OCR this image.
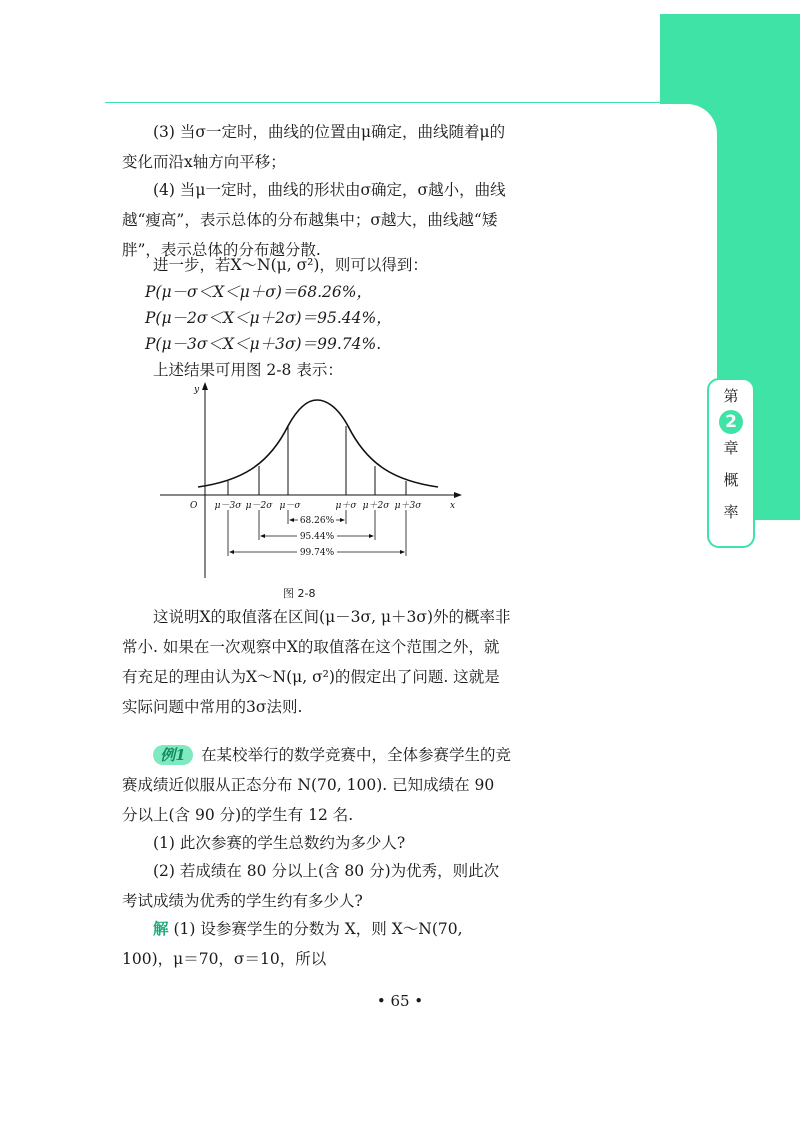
第
2
章
概
率
(3) 当σ一定时，曲线的位置由μ确定，曲线随着μ的变化而沿x轴方向平移；
(4) 当μ一定时，曲线的形状由σ确定，σ越小，曲线越“瘦高”，表示总体的分布越集中；σ越大，曲线越“矮胖”，表示总体的分布越分散.
进一步，若X～N(μ, σ²)，则可以得到：
P(μ－σ＜X＜μ＋σ)＝68.26%，
P(μ－2σ＜X＜μ＋2σ)＝95.44%，
P(μ－3σ＜X＜μ＋3σ)＝99.74%.
上述结果可用图 2-8 表示：
y
x
O μ－3σ μ－2σ μ－σ	μ＋σ μ＋2σ μ＋3σ
68.26%
95.44%
99.74%
图 2-8
这说明X的取值落在区间(μ－3σ, μ＋3σ)外的概率非常小. 如果在一次观察中X的取值落在这个范围之外，就有充足的理由认为X～N(μ, σ²)的假定出了问题. 这就是实际问题中常用的3σ法则.
例1 在某校举行的数学竞赛中，全体参赛学生的竞赛成绩近似服从正态分布 N(70, 100). 已知成绩在 90 分以上(含 90 分)的学生有 12 名.
(1) 此次参赛的学生总数约为多少人?
(2) 若成绩在 80 分以上(含 80 分)为优秀，则此次考试成绩为优秀的学生约有多少人?
解 (1) 设参赛学生的分数为 X，则 X～N(70, 100)，μ＝70，σ＝10，所以
• 65 •
